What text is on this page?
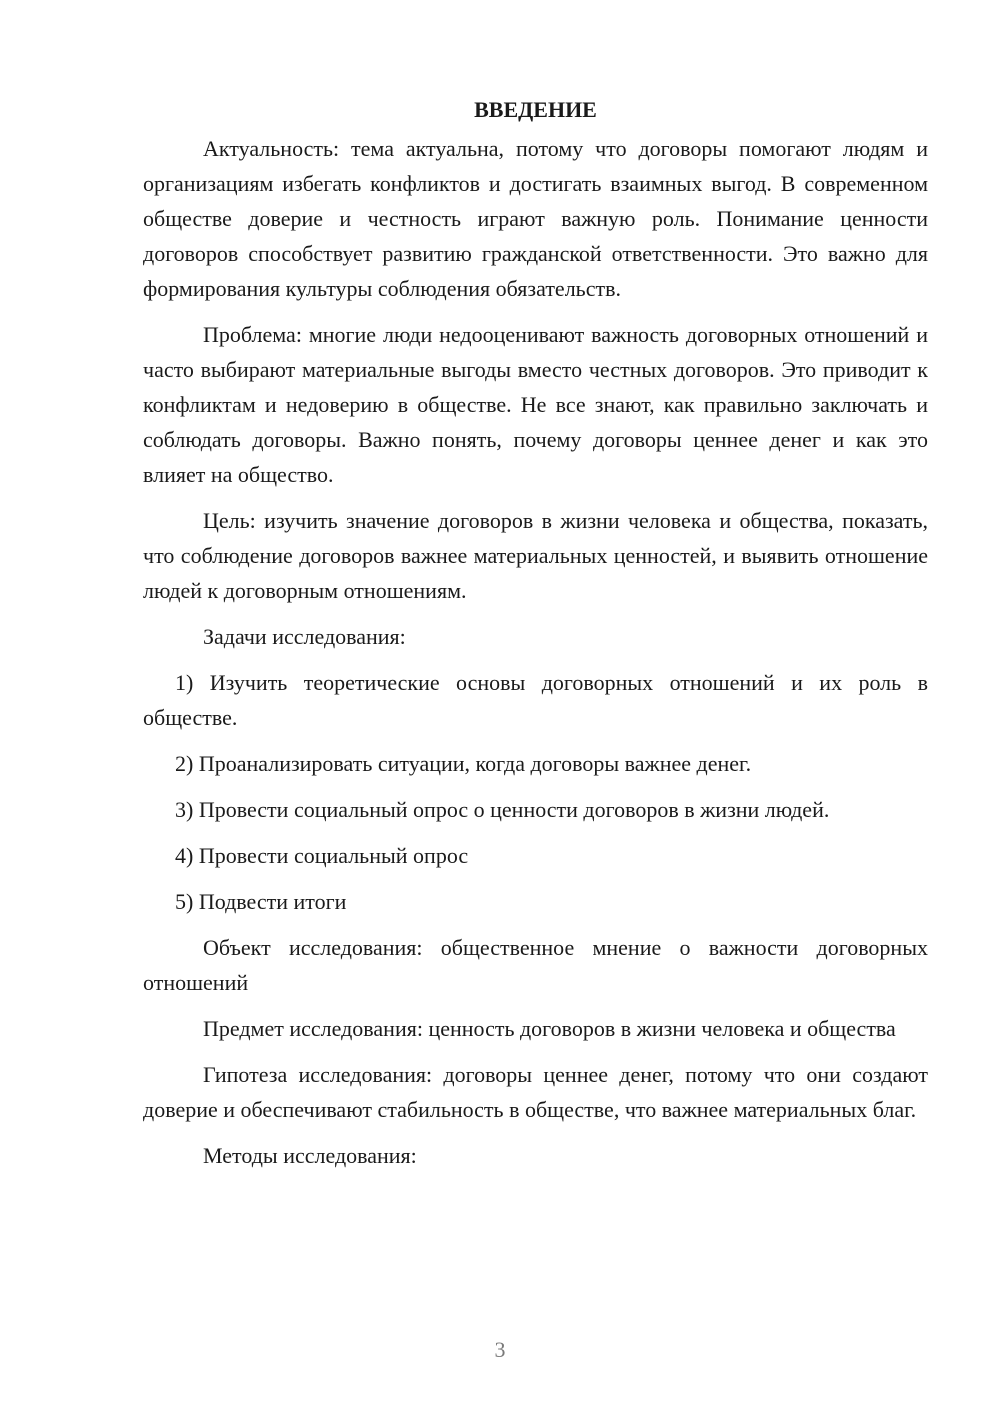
ВВЕДЕНИЕ

Актуальность: тема актуальна, потому что договоры помогают людям и организациям избегать конфликтов и достигать взаимных выгод. В современном обществе доверие и честность играют важную роль. Понимание ценности договоров способствует развитию гражданской ответственности. Это важно для формирования культуры соблюдения обязательств.

Проблема: многие люди недооценивают важность договорных отношений и часто выбирают материальные выгоды вместо честных договоров. Это приводит к конфликтам и недоверию в обществе. Не все знают, как правильно заключать и соблюдать договоры. Важно понять, почему договоры ценнее денег и как это влияет на общество.

Цель: изучить значение договоров в жизни человека и общества, показать, что соблюдение договоров важнее материальных ценностей, и выявить отношение людей к договорным отношениям.

Задачи исследования:

1) Изучить теоретические основы договорных отношений и их роль в обществе.

2) Проанализировать ситуации, когда договоры важнее денег.

3) Провести социальный опрос о ценности договоров в жизни людей.

4) Провести социальный опрос

5) Подвести итоги

Объект исследования: общественное мнение о важности договорных отношений

Предмет исследования: ценность договоров в жизни человека и общества

Гипотеза исследования: договоры ценнее денег, потому что они создают доверие и обеспечивают стабильность в обществе, что важнее материальных благ.

Методы исследования:

3
